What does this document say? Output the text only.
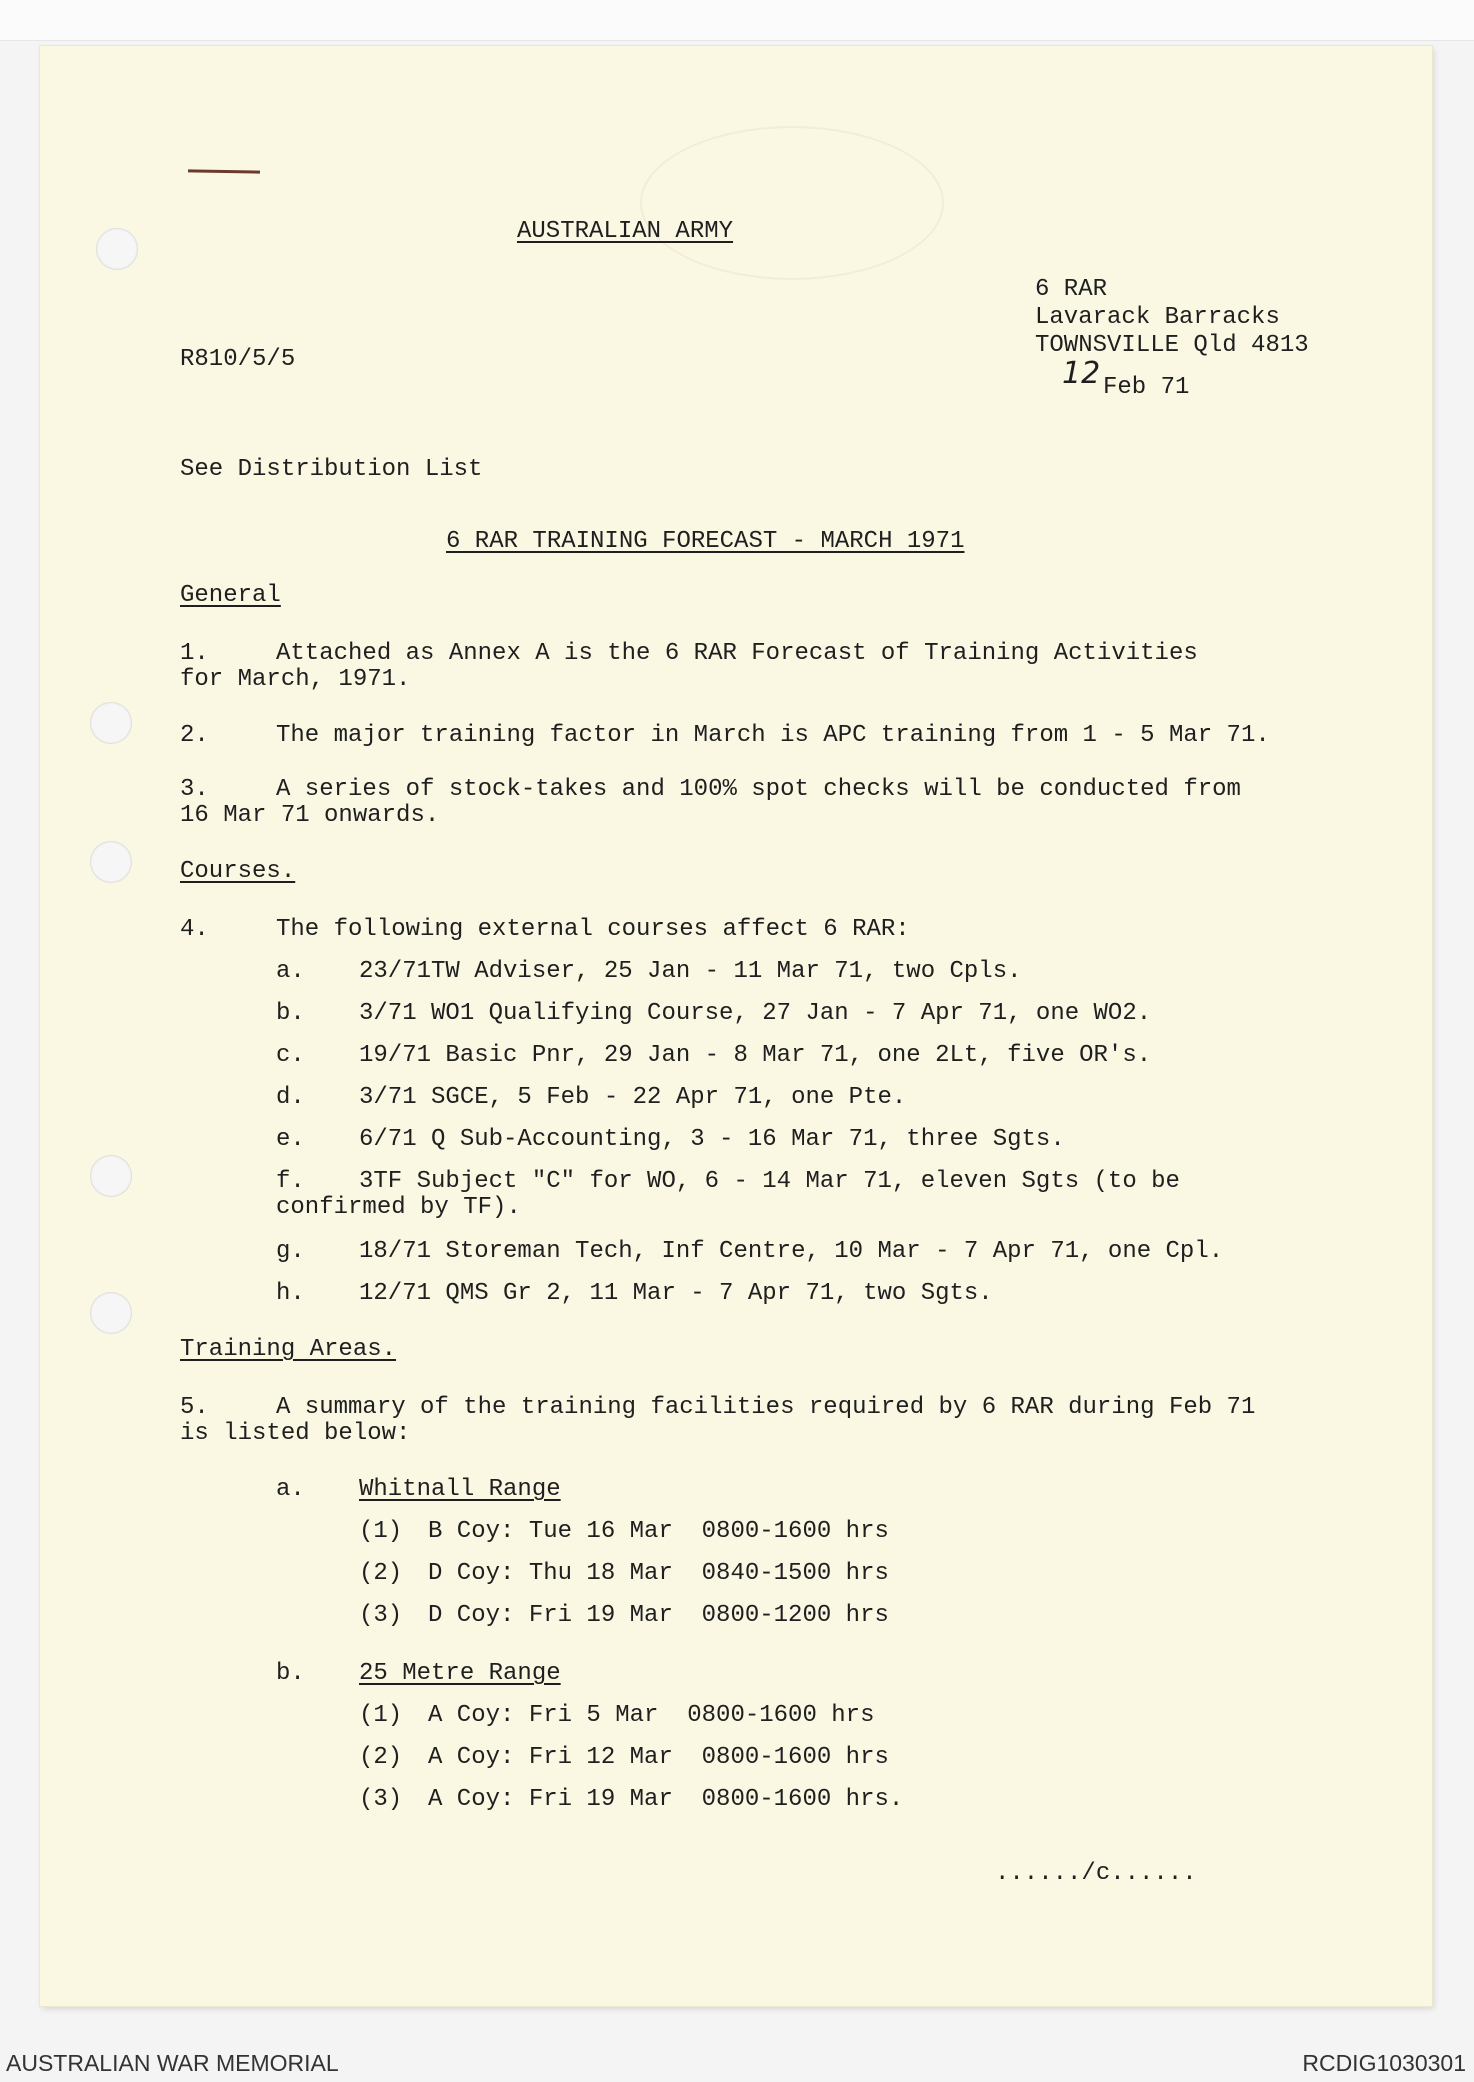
AUSTRALIAN ARMY
6 RAR
Lavarack Barracks
TOWNSVILLE Qld 4813
12 Feb 71
R810/5/5
See Distribution List
6 RAR TRAINING FORECAST - MARCH 1971
General
1.	Attached as Annex A is the 6 RAR Forecast of Training Activities
for March, 1971.
2.	The major training factor in March is APC training from 1 - 5 Mar 71.
3.	A series of stock-takes and 100% spot checks will be conducted from
16 Mar 71 onwards.
Courses.
4.	The following external courses affect 6 RAR:
a. 23/71TW Adviser, 25 Jan - 11 Mar 71, two Cpls.
b. 3/71 WO1 Qualifying Course, 27 Jan - 7 Apr 71, one WO2.
c. 19/71 Basic Pnr, 29 Jan - 8 Mar 71, one 2Lt, five OR's.
d. 3/71 SGCE, 5 Feb - 22 Apr 71, one Pte.
e. 6/71 Q Sub-Accounting, 3 - 16 Mar 71, three Sgts.
f. 3TF Subject "C" for WO, 6 - 14 Mar 71, eleven Sgts (to be
confirmed by TF).
g. 18/71 Storeman Tech, Inf Centre, 10 Mar - 7 Apr 71, one Cpl.
h. 12/71 QMS Gr 2, 11 Mar - 7 Apr 71, two Sgts.
Training Areas.
5.	A summary of the training facilities required by 6 RAR during Feb 71
is listed below:
a. Whitnall Range
(1) B Coy: Tue 16 Mar  0800-1600 hrs
(2) D Coy: Thu 18 Mar  0840-1500 hrs
(3) D Coy: Fri 19 Mar  0800-1200 hrs
b. 25 Metre Range
(1) A Coy: Fri 5 Mar  0800-1600 hrs
(2) A Coy: Fri 12 Mar  0800-1600 hrs
(3) A Coy: Fri 19 Mar  0800-1600 hrs.
....../c......
AUSTRALIAN WAR MEMORIAL	RCDIG1030301
